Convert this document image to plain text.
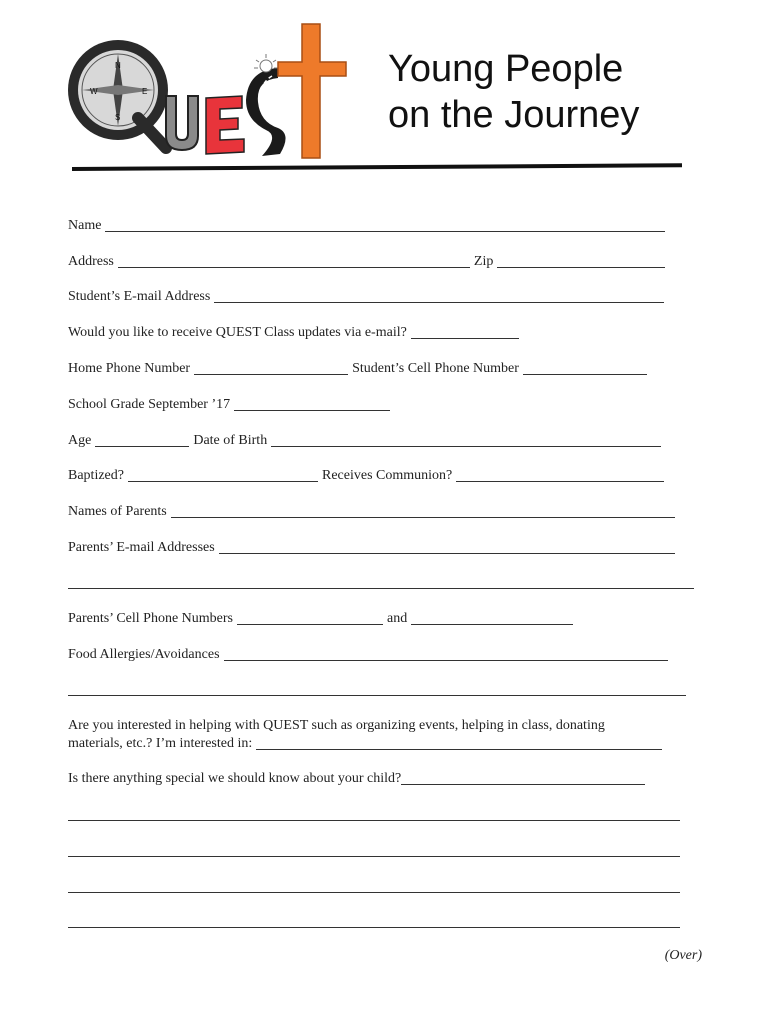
N
S
W	E
QUEST
Young People
on the Journey
Name
Address	Zip
Student’s E-mail Address
Would you like to receive QUEST Class updates via e-mail?
Home Phone Number	Student’s Cell Phone Number
School Grade September ’17
Age	Date of Birth
Baptized?	Receives Communion?
Names of Parents
Parents’ E-mail Addresses
Parents’ Cell Phone Numbers	and
Food Allergies/Avoidances
Are you interested in helping with QUEST such as organizing events, helping in class, donating
materials, etc.? I’m interested in:
Is there anything special we should know about your child?
(Over)
